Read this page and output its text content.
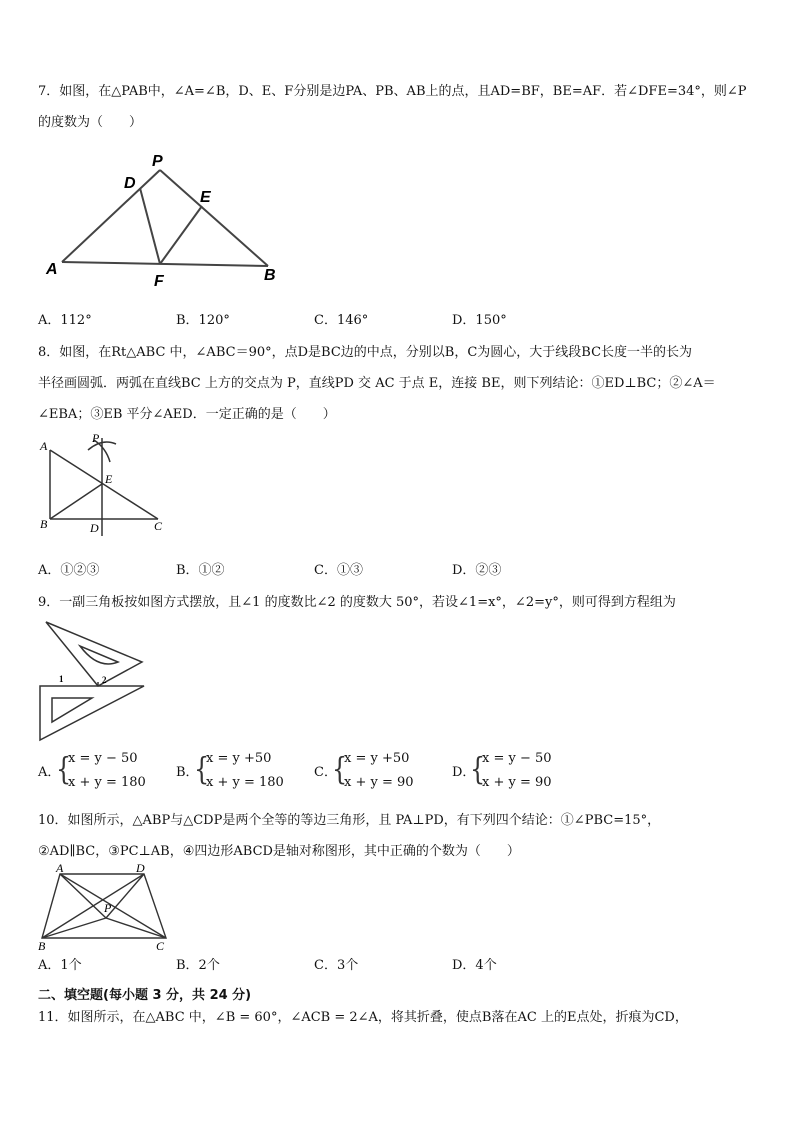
7．如图，在△PAB中，∠A=∠B，D、E、F分别是边PA、PB、AB上的点，且AD=BF，BE=AF．若∠DFE=34°，则∠P
的度数为（　　）
P
D
E
A
F	B
A．112°	B．120°	C．146°	D．150°
8．如图，在Rt△ABC 中，∠ABC＝90°，点D是BC边的中点，分别以B，C为圆心，大于线段BC长度一半的长为
半径画圆弧．两弧在直线BC 上方的交点为 P，直线PD 交 AC 于点 E，连接 BE，则下列结论：①ED⊥BC；②∠A＝
∠EBA；③EB 平分∠AED．一定正确的是（　　）
P
A
E
B	D	C
A．①②③	B．①②	C．①③	D．②③
9．一副三角板按如图方式摆放，且∠1 的度数比∠2 的度数大 50°，若设∠1=x°，∠2=y°，则可得到方程组为
1	2
A．
{
x = y − 50
x + y = 180
B．
{
x = y +50
x + y = 180
C．
{
x = y +50
x + y = 90
D．
{
x = y − 50
x + y = 90
10．如图所示，△ABP与△CDP是两个全等的等边三角形，且 PA⊥PD，有下列四个结论：①∠PBC=15°，
②AD∥BC，③PC⊥AB，④四边形ABCD是轴对称图形，其中正确的个数为（　　）
A	D
P
B	C
A．1个	B．2个	C．3个	D．4个
二、填空题(每小题 3 分，共 24 分)
11．如图所示，在△ABC 中，∠B = 60°，∠ACB = 2∠A，将其折叠，使点B落在AC 上的E点处，折痕为CD，
